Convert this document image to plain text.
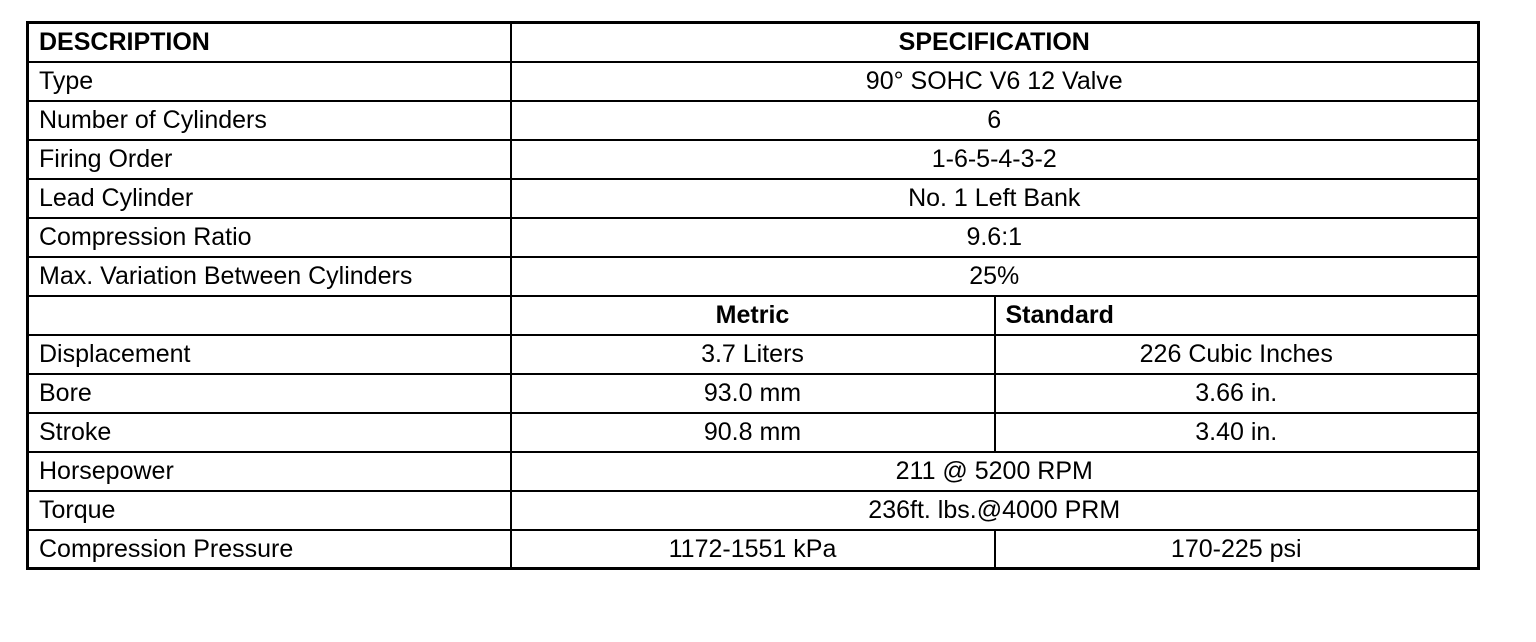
DESCRIPTION	SPECIFICATION	
Type	90° SOHC V6 12 Valve	
Number of Cylinders	6	
Firing Order	1-6-5-4-3-2	
Lead Cylinder	No. 1 Left Bank	
Compression Ratio	9.6:1	
Max. Variation Between Cylinders	25%	
	Metric	Standard
Displacement	3.7 Liters	226 Cubic Inches
Bore	93.0 mm	3.66 in.
Stroke	90.8 mm	3.40 in.
Horsepower	211 @ 5200 RPM	
Torque	236ft. lbs.@4000 PRM	
Compression Pressure	1172-1551 kPa	170-225 psi
